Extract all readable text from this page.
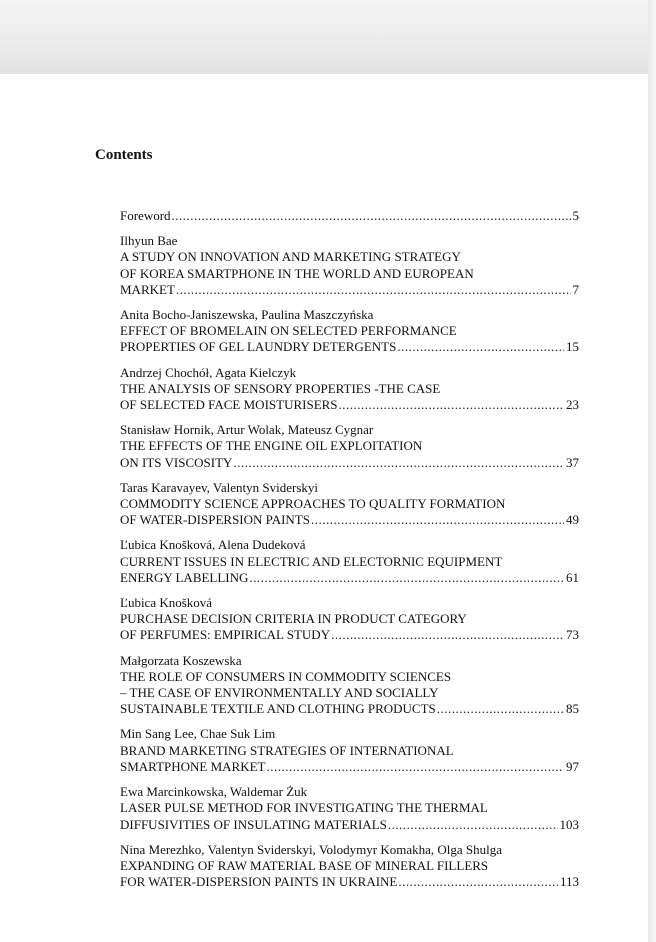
Contents
Foreword .....	5
Ilhyun Bae
A STUDY ON INNOVATION AND MARKETING STRATEGY
OF KOREA SMARTPHONE IN THE WORLD AND EUROPEAN
MARKET .....	7
Anita Bocho-Janiszewska, Paulina Maszczyńska
EFFECT OF BROMELAIN ON SELECTED PERFORMANCE
PROPERTIES OF GEL LAUNDRY DETERGENTS .....	15
Andrzej Chochół, Agata Kielczyk
THE ANALYSIS OF SENSORY PROPERTIES -THE CASE
OF SELECTED FACE MOISTURISERS .....	23
Stanisław Hornik, Artur Wolak, Mateusz Cygnar
THE EFFECTS OF THE ENGINE OIL EXPLOITATION
ON ITS VISCOSITY .....	37
Taras Karavayev, Valentyn Sviderskyi
COMMODITY SCIENCE APPROACHES TO QUALITY FORMATION
OF WATER-DISPERSION PAINTS .....	49
Ľubica Knošková, Alena Dudeková
CURRENT ISSUES IN ELECTRIC AND ELECTORNIC EQUIPMENT
ENERGY LABELLING .....	61
Ľubica Knošková
PURCHASE DECISION CRITERIA IN PRODUCT CATEGORY
OF PERFUMES: EMPIRICAL STUDY .....	73
Małgorzata Koszewska
THE ROLE OF CONSUMERS IN COMMODITY SCIENCES
– THE CASE OF ENVIRONMENTALLY AND SOCIALLY
SUSTAINABLE TEXTILE AND CLOTHING PRODUCTS .....	85
Min Sang Lee, Chae Suk Lim
BRAND MARKETING STRATEGIES OF INTERNATIONAL
SMARTPHONE MARKET .....	97
Ewa Marcinkowska, Waldemar Żuk
LASER PULSE METHOD FOR INVESTIGATING THE THERMAL
DIFFUSIVITIES OF INSULATING MATERIALS .....	103
Nina Merezhko, Valentyn Sviderskyi, Volodymyr Komakha, Olga Shulga
EXPANDING OF RAW MATERIAL BASE OF MINERAL FILLERS
FOR WATER-DISPERSION PAINTS IN UKRAINE .....	113
